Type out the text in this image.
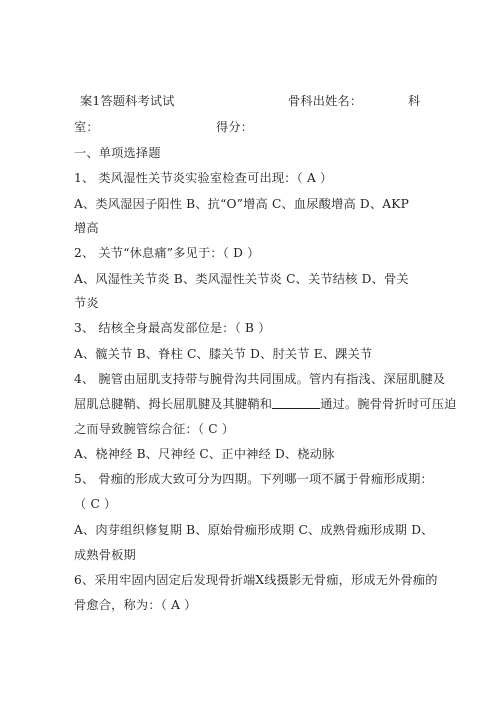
案1答题科考试试	骨科出姓名：	科
室：	得分：
一、单项选择题
1、 类风湿性关节炎实验室检查可出现：（ A ）
A、类风湿因子阳性 B、抗“O”增高 C、血尿酸增高 D、AKP
增高
2、 关节“休息痛”多见于：（ D ）
A、风湿性关节炎 B、类风湿性关节炎 C、关节结核 D、骨关
节炎
3、 结核全身最高发部位是：（ B ）
A、髋关节 B、脊柱 C、膝关节 D、肘关节 E、踝关节
4、 腕管由屈肌支持带与腕骨沟共同围成。管内有指浅、深屈肌腱及
屈肌总腱鞘、拇长屈肌腱及其腱鞘和	通过。腕骨骨折时可压迫
之而导致腕管综合征：（ C ）
A、桡神经 B、尺神经 C、正中神经 D、桡动脉
5、 骨痂的形成大致可分为四期。下列哪一项不属于骨痂形成期：
（ C ）
A、肉芽组织修复期 B、原始骨痂形成期 C、成熟骨痂形成期 D、
成熟骨板期
6、采用牢固内固定后发现骨折端X线摄影无骨痂，形成无外骨痂的
骨愈合，称为：（ A ）
